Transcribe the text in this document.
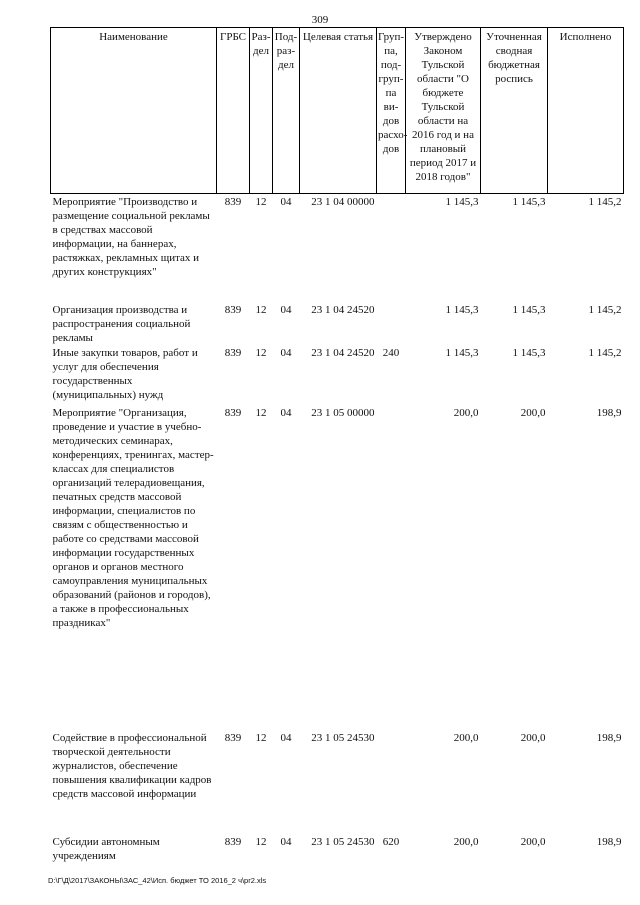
309
Наименование	ГРБС	Раз-дел	Под-раз-дел	Целевая статья	Груп-па, под-груп-па ви-дов расхо-дов	Утверждено Законом Тульской области "О бюджете Тульской области на 2016 год и на плановый период 2017 и 2018 годов"	Уточненная сводная бюджетная роспись	Исполнено
Мероприятие "Производство и размещение социальной рекламы в средствах массовой информации, на баннерах, растяжках, рекламных щитах и других конструкциях"	839	12	04	23 1 04 00000		1 145,3	1 145,3	1 145,2
Организация производства и распространения социальной рекламы	839	12	04	23 1 04 24520		1 145,3	1 145,3	1 145,2
Иные закупки товаров, работ и услуг для обеспечения государственных (муниципальных) нужд	839	12	04	23 1 04 24520	240	1 145,3	1 145,3	1 145,2
Мероприятие "Организация, проведение и участие в учебно-методических семинарах, конференциях, тренингах, мастер-классах для специалистов организаций телерадиовещания, печатных средств массовой информации, специалистов по связям с общественностью и работе со средствами массовой информации государственных органов и органов местного самоуправления муниципальных образований (районов и городов), а также в профессиональных праздниках"	839	12	04	23 1 05 00000		200,0	200,0	198,9
Содействие в профессиональной творческой деятельности журналистов, обеспечение повышения квалификации кадров средств массовой информации	839	12	04	23 1 05 24530		200,0	200,0	198,9
Субсидии автономным учреждениям	839	12	04	23 1 05 24530	620	200,0	200,0	198,9
D:\Г\Д\2017\ЗАКОНЫ\ЗАС_42\Исп. бюджет ТО 2016_2 ч\pr2.xls
